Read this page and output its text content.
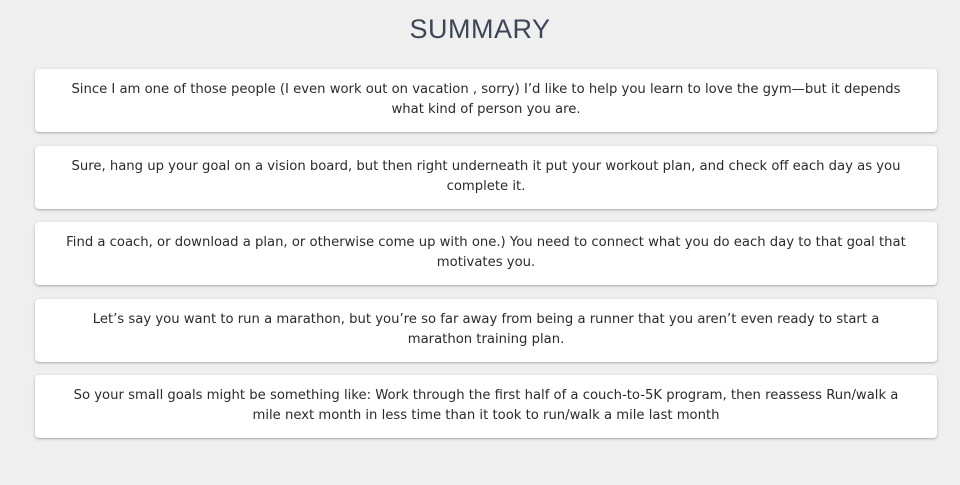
SUMMARY
Since I am one of those people (I even work out on vacation , sorry) I’d like to help you learn to love the gym—but it depends what kind of person you are.
Sure, hang up your goal on a vision board, but then right underneath it put your workout plan, and check off each day as you complete it.
Find a coach, or download a plan, or otherwise come up with one.) You need to connect what you do each day to that goal that motivates you.
Let’s say you want to run a marathon, but you’re so far away from being a runner that you aren’t even ready to start a marathon training plan.
So your small goals might be something like: Work through the first half of a couch-to-5K program, then reassess Run/walk a mile next month in less time than it took to run/walk a mile last month
